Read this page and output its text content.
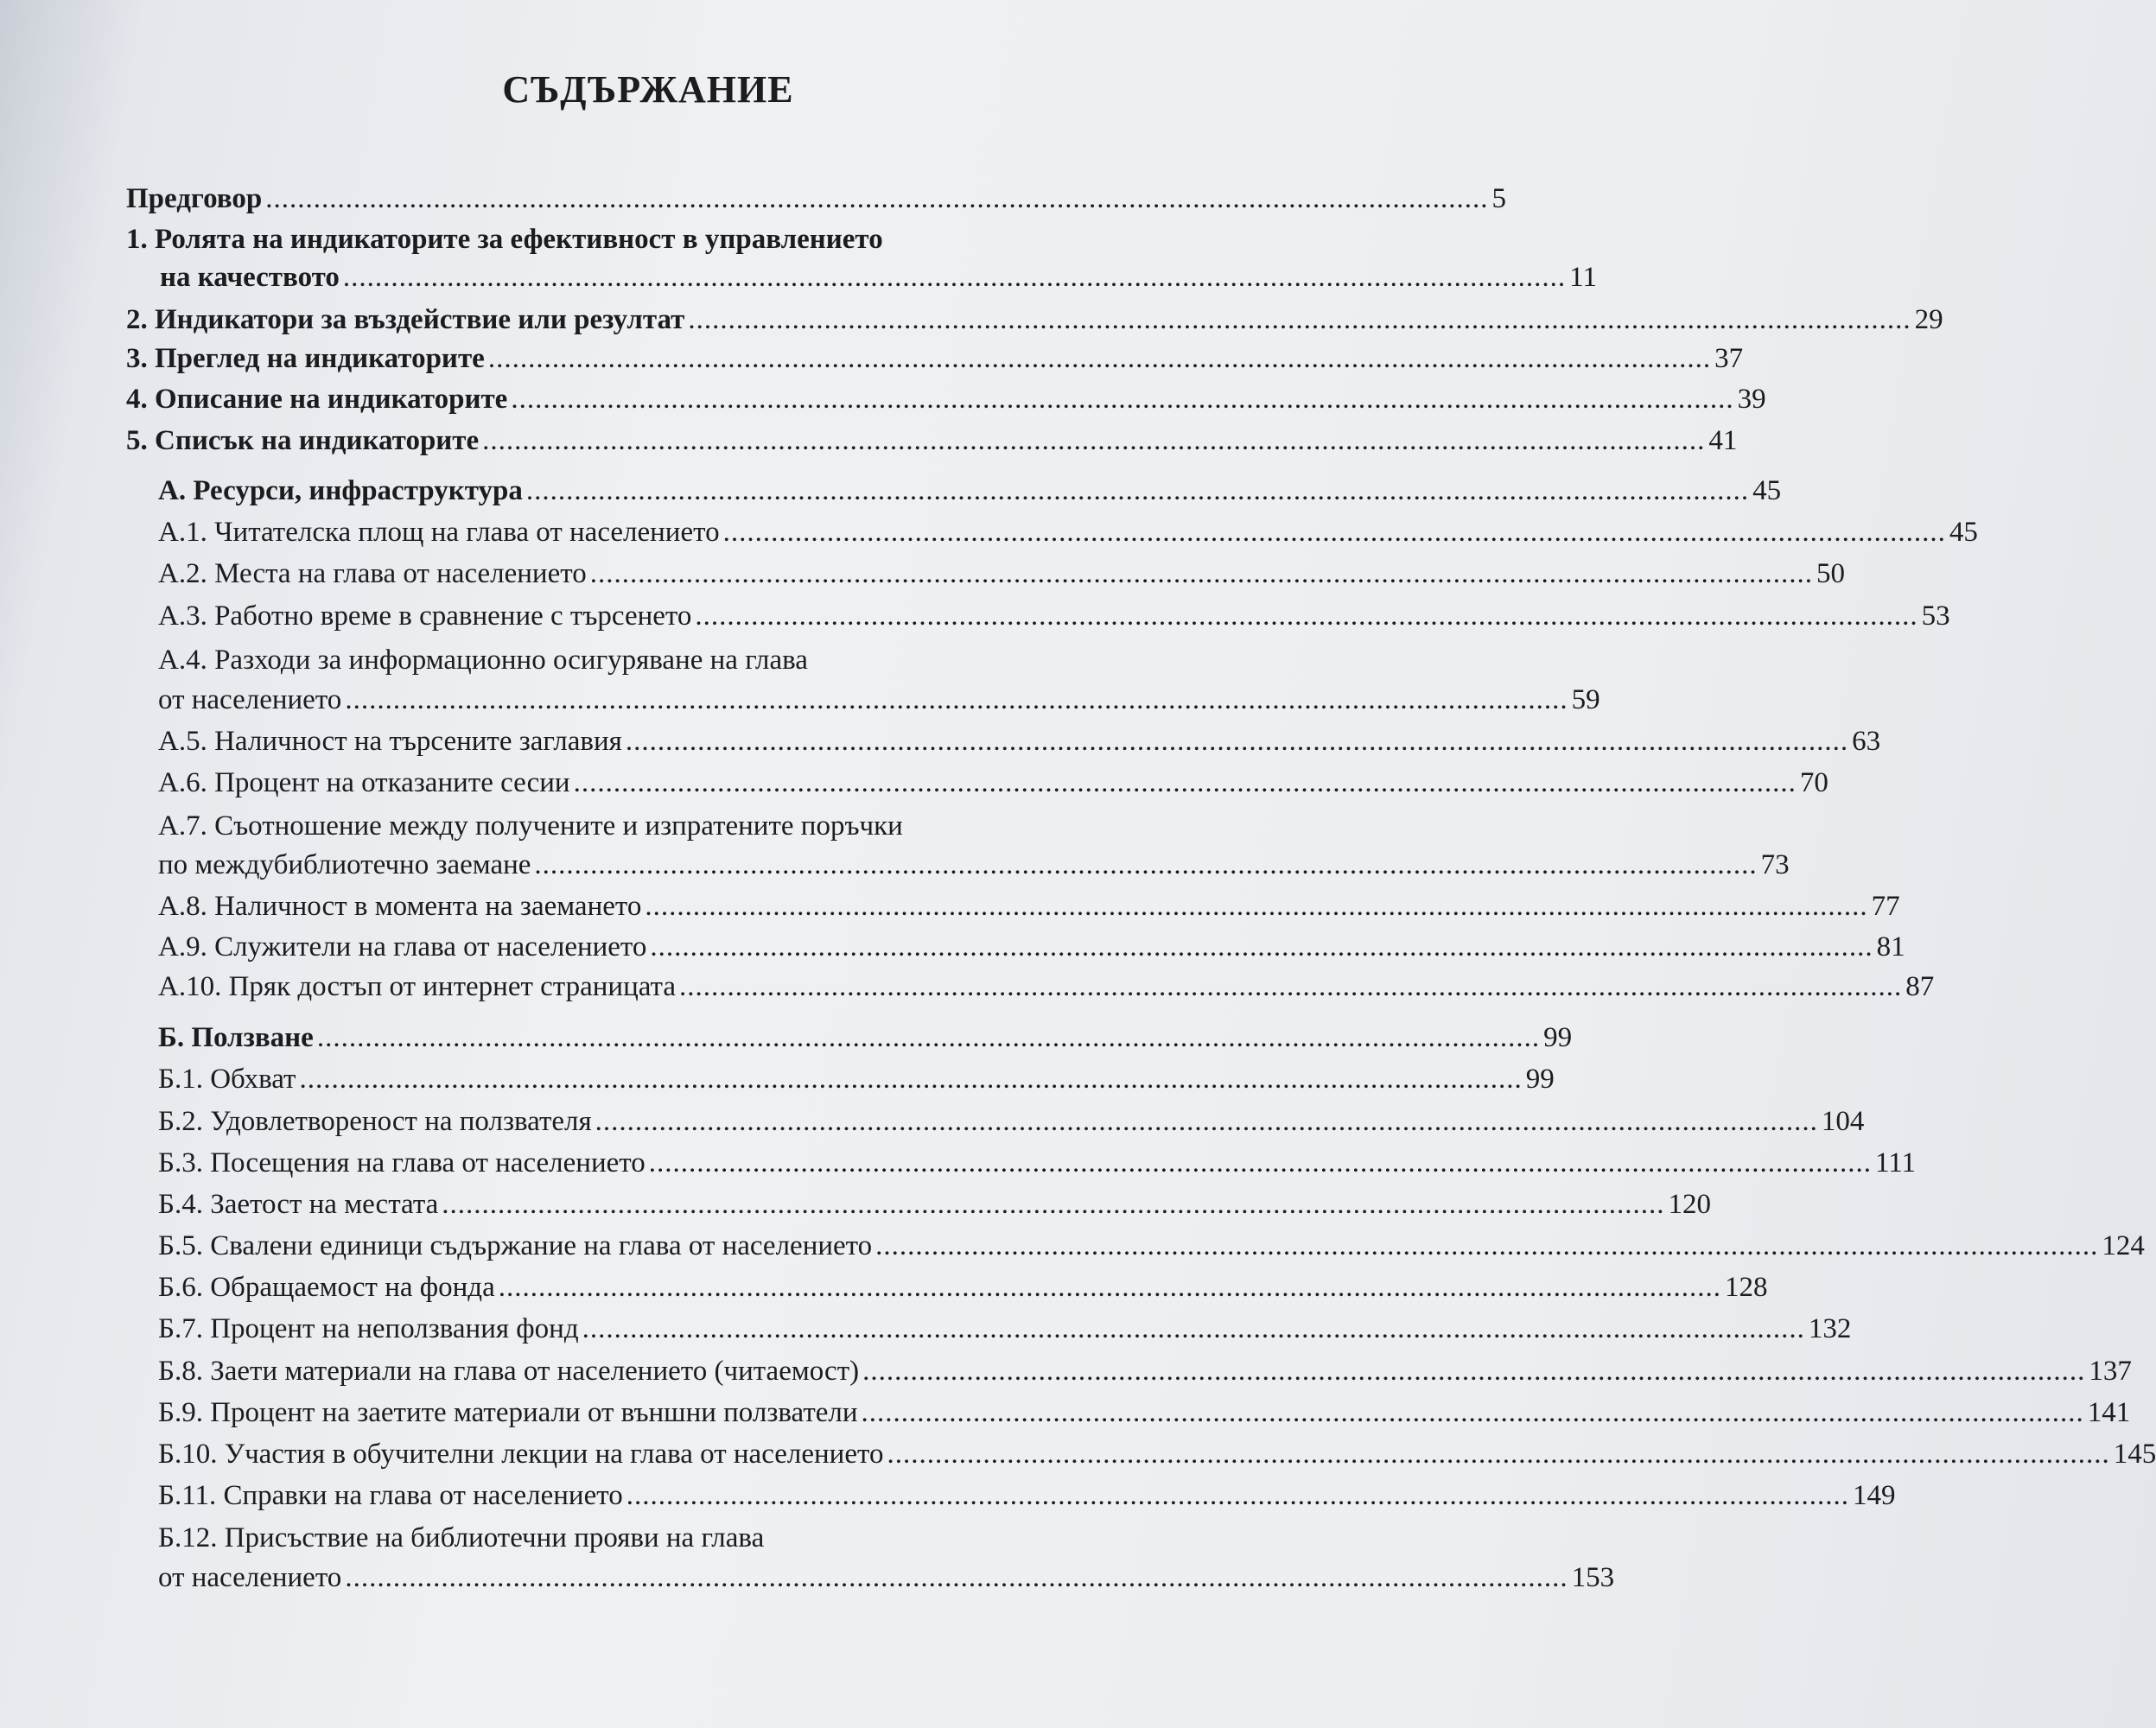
СЪДЪРЖАНИЕ
Предговор ......................................................................................................................................................... 5
1. Ролята на индикаторите за ефективност в управлението
на качеството ......................................................................................................................................................... 11
2. Индикатори за въздействие или резултат ......................................................................................................................................................... 29
3. Преглед на индикаторите ......................................................................................................................................................... 37
4. Описание на индикаторите ......................................................................................................................................................... 39
5. Списък на индикаторите ......................................................................................................................................................... 41
А. Ресурси, инфраструктура ......................................................................................................................................................... 45
А.1. Читателска площ на глава от населението ......................................................................................................................................................... 45
А.2. Места на глава от населението ......................................................................................................................................................... 50
А.3. Работно време в сравнение с търсенето ......................................................................................................................................................... 53
А.4. Разходи за информационно осигуряване на глава
от населението ......................................................................................................................................................... 59
А.5. Наличност на търсените заглавия ......................................................................................................................................................... 63
А.6. Процент на отказаните сесии ......................................................................................................................................................... 70
А.7. Съотношение между получените и изпратените поръчки
по междубиблиотечно заемане ......................................................................................................................................................... 73
А.8. Наличност в момента на заемането ......................................................................................................................................................... 77
А.9. Служители на глава от населението ......................................................................................................................................................... 81
А.10. Пряк достъп от интернет страницата ......................................................................................................................................................... 87
Б. Ползване ......................................................................................................................................................... 99
Б.1. Обхват ......................................................................................................................................................... 99
Б.2. Удовлетвореност на ползвателя ......................................................................................................................................................... 104
Б.3. Посещения на глава от населението ......................................................................................................................................................... 111
Б.4. Заетост на местата ......................................................................................................................................................... 120
Б.5. Свалени единици съдържание на глава от населението ......................................................................................................................................................... 124
Б.6. Обращаемост на фонда ......................................................................................................................................................... 128
Б.7. Процент на неползвания фонд ......................................................................................................................................................... 132
Б.8. Заети материали на глава от населението (читаемост) ......................................................................................................................................................... 137
Б.9. Процент на заетите материали от външни ползватели ......................................................................................................................................................... 141
Б.10. Участия в обучителни лекции на глава от населението ......................................................................................................................................................... 145
Б.11. Справки на глава от населението ......................................................................................................................................................... 149
Б.12. Присъствие на библиотечни прояви на глава
от населението ......................................................................................................................................................... 153
